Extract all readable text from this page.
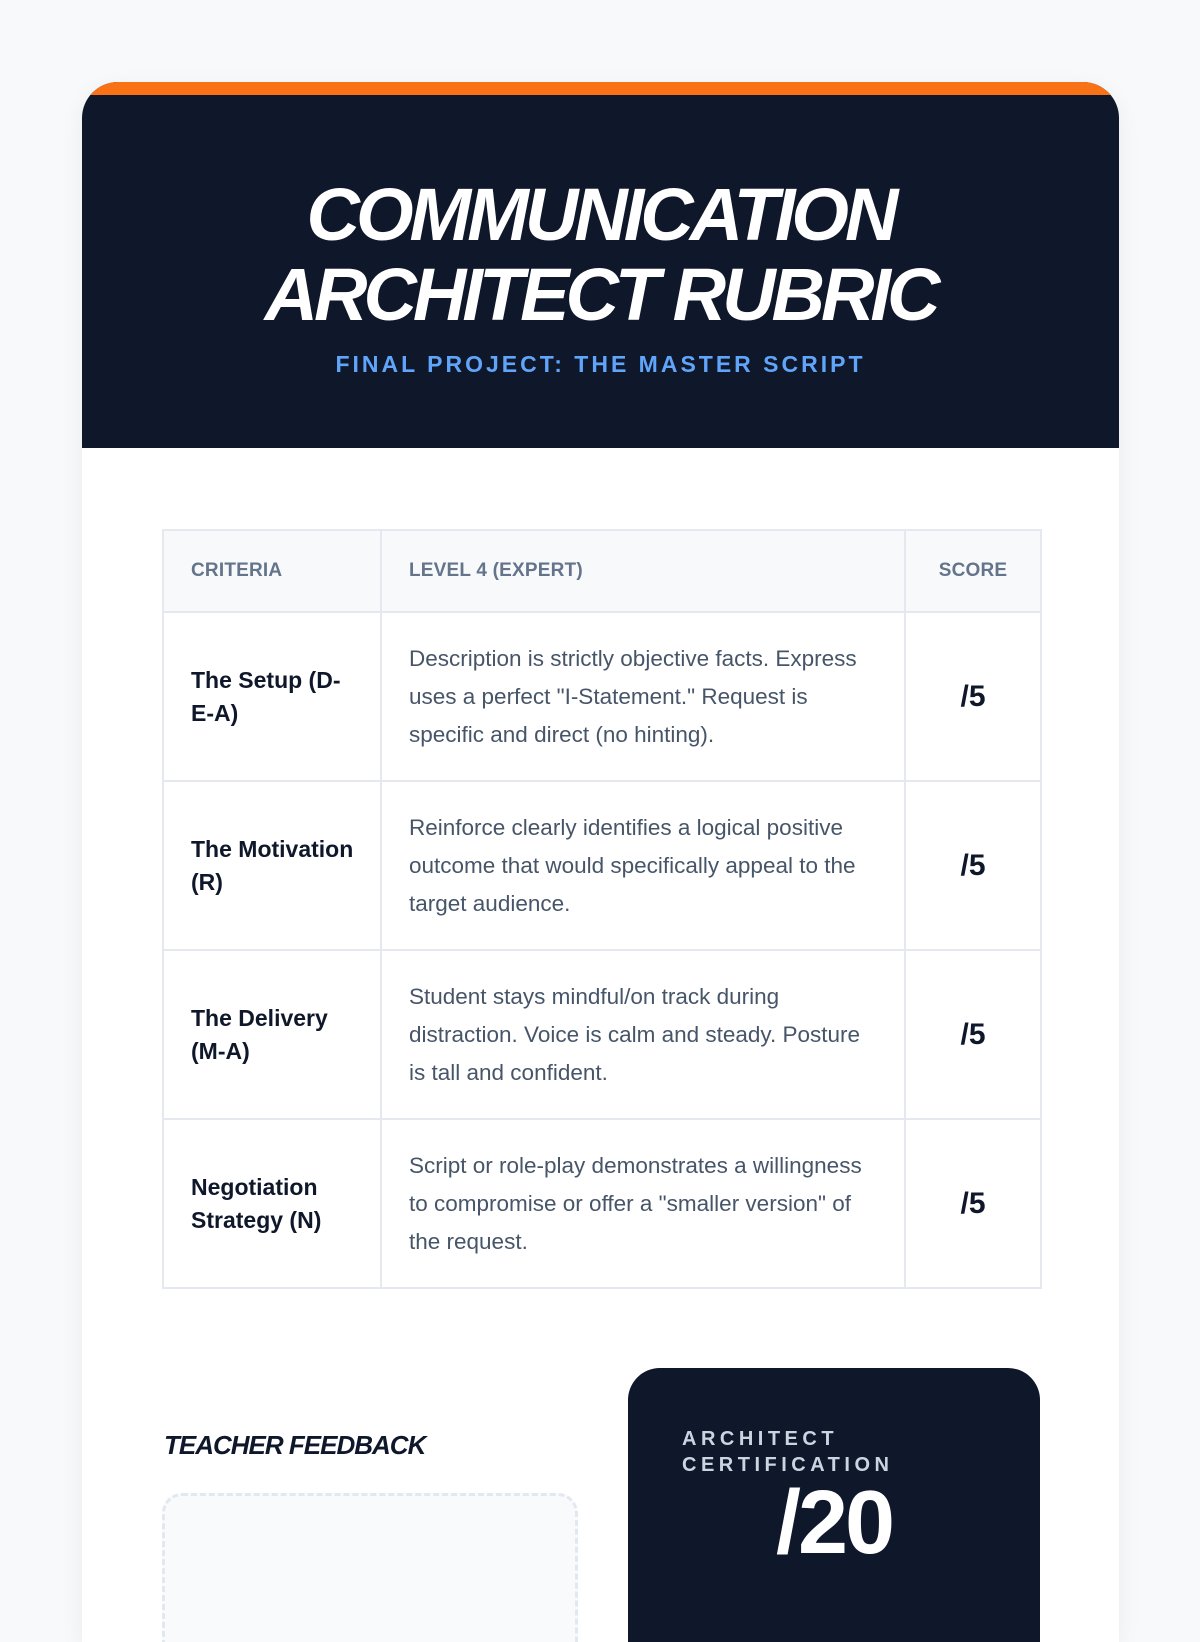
COMMUNICATION
ARCHITECT RUBRIC
FINAL PROJECT: THE MASTER SCRIPT
CRITERIA	LEVEL 4 (EXPERT)	SCORE
The Setup (D-E-A)	Description is strictly objective facts. Express uses a perfect "I-Statement." Request is specific and direct (no hinting).	/5
The Motivation (R)	Reinforce clearly identifies a logical positive outcome that would specifically appeal to the target audience.	/5
The Delivery (M-A)	Student stays mindful/on track during distraction. Voice is calm and steady. Posture is tall and confident.	/5
Negotiation Strategy (N)	Script or role-play demonstrates a willingness to compromise or offer a "smaller version" of the request.	/5
TEACHER FEEDBACK	ARCHITECT CERTIFICATION
/20
